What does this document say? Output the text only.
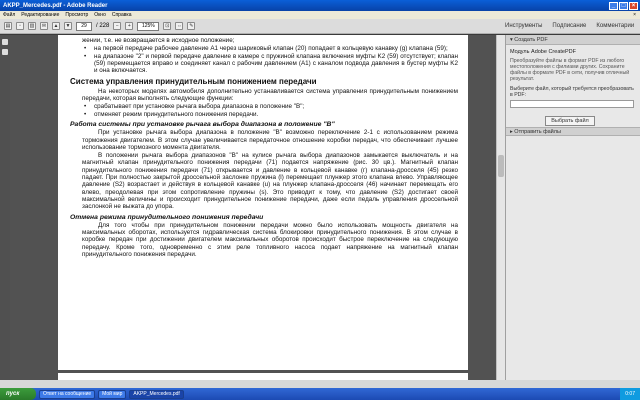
AKPP_Mercedes.pdf - Adobe Reader	_	□	×
Файл Редактирование Просмотр Окно Справка	×
▤	▫	▥	✉	▲	▼	29	/ 228	−	+	125%	⊡	⇔	✎	Инструменты Подписание Комментарии

жении, т.е. не возвращается в исходное положение;

• на первой передаче рабочее давление A1 через шариковый клапан (20) попадает в кольцевую канавку (g) клапана (59);
• на диапазоне "2" и первой передаче давление в камере с пружиной клапана включения муфты K2 (59) отсутствует; клапан (59) перемещается вправо и соединяет канал с рабочим давлением (A1) с каналом подвода давления в бустер муфты K2 и она включается.
Система управления принудительным понижением передачи

На некоторых моделях автомобиля дополнительно устанавливается система управления принудительным понижением передачи, которая выполнять следующие функции:

• срабатывает при установке рычага выбора диапазона в положение "B";
• отменяет режим принудительного понижения передачи.
Работа системы при установке рычага выбора диапазона в положение "B"

При установке рычага выбора диапазона в положение "B" возможно переключение 2-1 с использованием режима торможения двигателем. В этом случае увеличивается передаточное отношение коробки передач, что обеспечивает лучшее использование тормозного момента двигателя.

В положении рычага выбора диапазонов "B" на кулисе рычага выбора диапазонов замыкается выключатель и на магнитный клапан принудительного понижения передачи (71) подается напряжение (рис. 30 цв.). Магнитный клапан принудительного понижения передачи (71) открывается и давление в кольцевой канавке (г) клапана-дросселя (45) резко падает. При полностью закрытой дроссельной заслонке пружина (l) перемещает плунжер этого клапана влево. Управляющее давление (S2) возрастает и действуя в кольцевой канавке (u) на плунжер клапана-дросселя (46) начинает перемещать его влево, преодолевая при этом сопротивление пружины (s). Это приводит к тому, что давление (S2) достигает своей максимальной величины и происходит принудительное понижение передачи, даже если педаль управления дроссельной заслонкой не выжата до упора.

Отмена режима принудительного понижения передачи

Для того чтобы при принудительном понижении передачи можно было использовать мощность двигателя на максимальных оборотах, используется гидравлическая система блокировки принудительного понижения. В этом случае в коробке передач при достижении двигателем максимальных оборотов происходит быстрое переключение на следующую передачу. Кроме того, одновременно с этим реле топливного насоса подает напряжение на магнитный клапан принудительного понижения передачи.

▾ Создать PDF
Модуль Adobe CreatePDF
Преобразуйте файлы в формат PDF из любого местоположения с филиами других. Сохраните файлы в формате PDF в сети, получив отличный результат.
Выберите файл, который требуется преобразовать в PDF:
Выбрать файл
▸ Отправить файлы
пуск	Ответ на сообщение	Мой мир	AKPP_Mercedes.pdf	0:07
